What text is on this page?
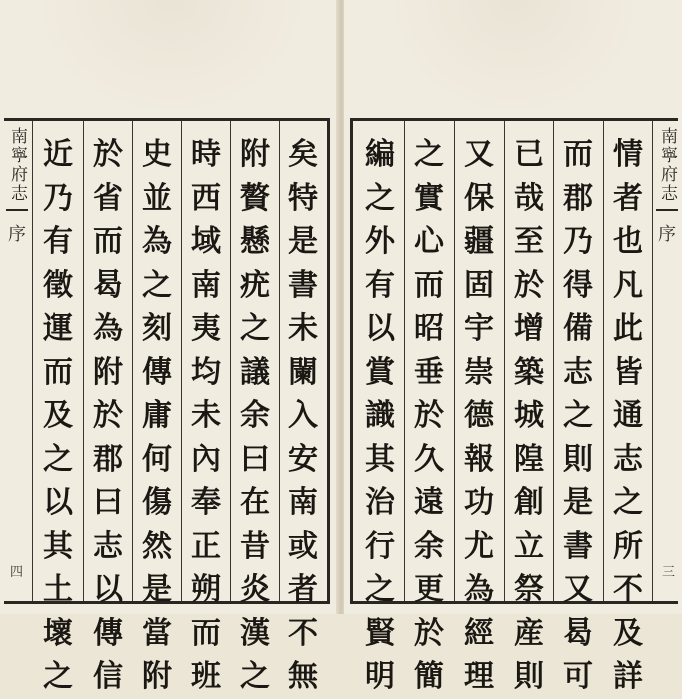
南寧府志
序
四
近
乃
有
徵
運
而
及
之
以
其
土
壞
之
於
省
而
曷
為
附
於
郡
曰
志
以
傳
信
史
並
為
之
刻
傳
庸
何
傷
然
是
當
附
時
西
域
南
夷
均
未
內
奉
正
朔
而
班
附
贅
懸
疣
之
議
余
曰
在
昔
炎
漢
之
矣
特
是
書
未
闌
入
安
南
或
者
不
無
編
之
外
有
以
賞
識
其
治
行
之
賢
明
之
實
心
而
昭
垂
於
久
遠
余
更
於
簡
又
保
疆
固
宇
崇
德
報
功
尤
為
經
理
已
哉
至
於
增
築
城
隍
創
立
祭
産
則
而
郡
乃
得
備
志
之
則
是
書
又
曷
可
情
者
也
凡
此
皆
通
志
之
所
不
及
詳
南寧府志
序
三
